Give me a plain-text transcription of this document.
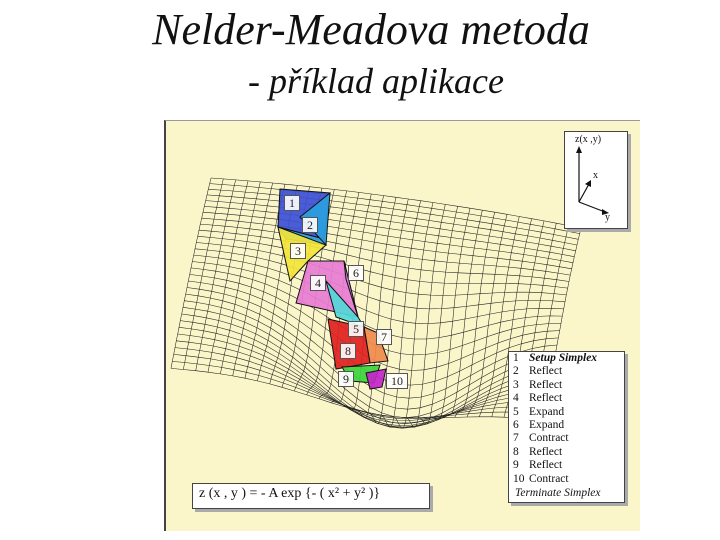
Nelder-Meadova metoda
- příklad aplikace
z(x ,y)
x
y
1 Setup Simplex
2 Reflect
3 Reflect
4 Reflect
5 Expand
6 Expand
7 Contract
8 Reflect
9 Reflect
10 Contract
Terminate Simplex
z (x , y ) = - A exp {- ( x² + y² )}
1
2
3
4
5
6
7
8
9	10
